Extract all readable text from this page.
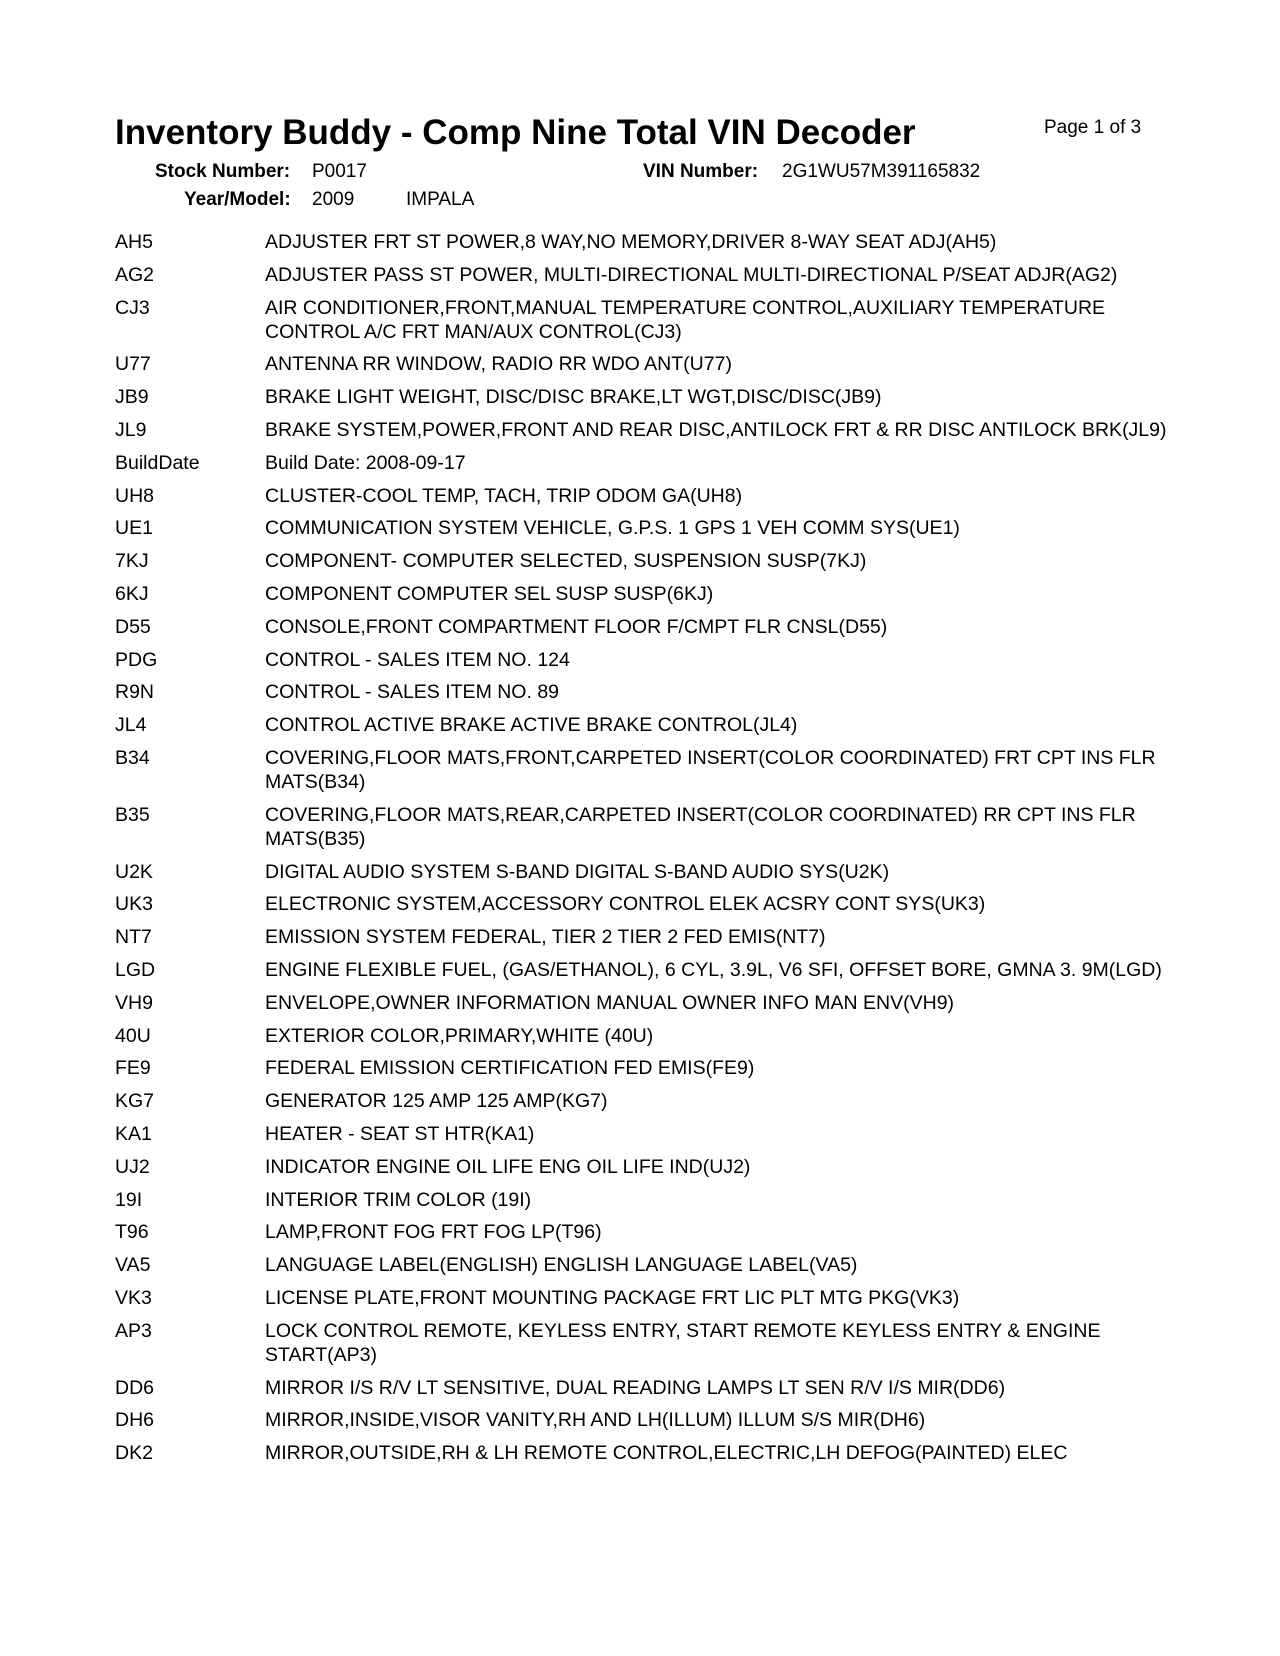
Inventory Buddy - Comp Nine Total VIN Decoder	Page 1 of 3
Stock Number: P0017	VIN Number: 2G1WU57M391165832
Year/Model: 2009	IMPALA
AH5	ADJUSTER FRT ST POWER,8 WAY,NO MEMORY,DRIVER 8-WAY SEAT ADJ(AH5)
AG2	ADJUSTER PASS ST POWER, MULTI-DIRECTIONAL MULTI-DIRECTIONAL P/SEAT ADJR(AG2)
CJ3	AIR CONDITIONER,FRONT,MANUAL TEMPERATURE CONTROL,AUXILIARY TEMPERATURE CONTROL A/C FRT MAN/AUX CONTROL(CJ3)
U77	ANTENNA RR WINDOW, RADIO RR WDO ANT(U77)
JB9	BRAKE LIGHT WEIGHT, DISC/DISC BRAKE,LT WGT,DISC/DISC(JB9)
JL9	BRAKE SYSTEM,POWER,FRONT AND REAR DISC,ANTILOCK FRT & RR DISC ANTILOCK BRK(JL9)
BuildDate	Build Date: 2008-09-17
UH8	CLUSTER-COOL TEMP, TACH, TRIP ODOM GA(UH8)
UE1	COMMUNICATION SYSTEM VEHICLE, G.P.S. 1 GPS 1 VEH COMM SYS(UE1)
7KJ	COMPONENT- COMPUTER SELECTED, SUSPENSION SUSP(7KJ)
6KJ	COMPONENT COMPUTER SEL SUSP SUSP(6KJ)
D55	CONSOLE,FRONT COMPARTMENT FLOOR F/CMPT FLR CNSL(D55)
PDG	CONTROL - SALES ITEM NO. 124
R9N	CONTROL - SALES ITEM NO. 89
JL4	CONTROL ACTIVE BRAKE ACTIVE BRAKE CONTROL(JL4)
B34	COVERING,FLOOR MATS,FRONT,CARPETED INSERT(COLOR COORDINATED) FRT CPT INS FLR MATS(B34)
B35	COVERING,FLOOR MATS,REAR,CARPETED INSERT(COLOR COORDINATED) RR CPT INS FLR MATS(B35)
U2K	DIGITAL AUDIO SYSTEM S-BAND DIGITAL S-BAND AUDIO SYS(U2K)
UK3	ELECTRONIC SYSTEM,ACCESSORY CONTROL ELEK ACSRY CONT SYS(UK3)
NT7	EMISSION SYSTEM FEDERAL, TIER 2 TIER 2 FED EMIS(NT7)
LGD	ENGINE FLEXIBLE FUEL, (GAS/ETHANOL), 6 CYL, 3.9L, V6 SFI, OFFSET BORE, GMNA 3. 9M(LGD)
VH9	ENVELOPE,OWNER INFORMATION MANUAL OWNER INFO MAN ENV(VH9)
40U	EXTERIOR COLOR,PRIMARY,WHITE (40U)
FE9	FEDERAL EMISSION CERTIFICATION FED EMIS(FE9)
KG7	GENERATOR 125 AMP 125 AMP(KG7)
KA1	HEATER - SEAT ST HTR(KA1)
UJ2	INDICATOR ENGINE OIL LIFE ENG OIL LIFE IND(UJ2)
19I	INTERIOR TRIM COLOR (19I)
T96	LAMP,FRONT FOG FRT FOG LP(T96)
VA5	LANGUAGE LABEL(ENGLISH) ENGLISH LANGUAGE LABEL(VA5)
VK3	LICENSE PLATE,FRONT MOUNTING PACKAGE FRT LIC PLT MTG PKG(VK3)
AP3	LOCK CONTROL REMOTE, KEYLESS ENTRY, START REMOTE KEYLESS ENTRY & ENGINE START(AP3)
DD6	MIRROR I/S R/V LT SENSITIVE, DUAL READING LAMPS LT SEN R/V I/S MIR(DD6)
DH6	MIRROR,INSIDE,VISOR VANITY,RH AND LH(ILLUM) ILLUM S/S MIR(DH6)
DK2	MIRROR,OUTSIDE,RH & LH REMOTE CONTROL,ELECTRIC,LH DEFOG(PAINTED) ELEC
